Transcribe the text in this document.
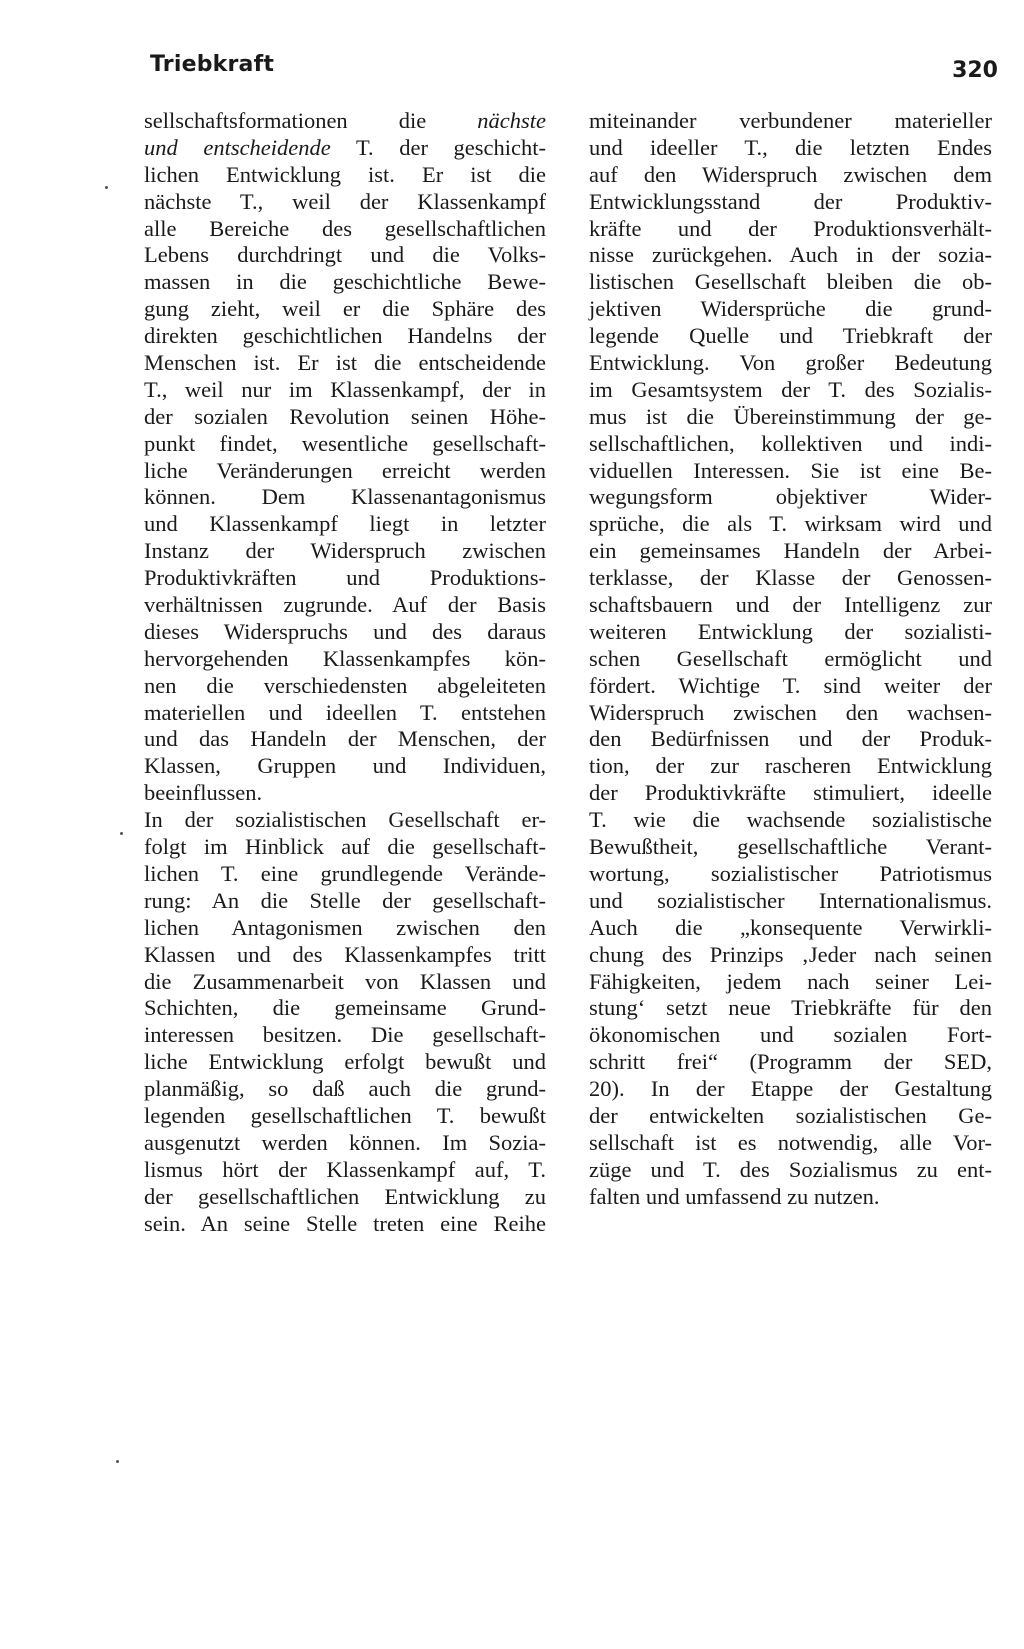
Triebkraft	320
sellschaftsformationen die nächste
und entscheidende T. der geschicht-
lichen Entwicklung ist. Er ist die
nächste T., weil der Klassenkampf
alle Bereiche des gesellschaftlichen
Lebens durchdringt und die Volks-
massen in die geschichtliche Bewe-
gung zieht, weil er die Sphäre des
direkten geschichtlichen Handelns der
Menschen ist. Er ist die entscheidende
T., weil nur im Klassenkampf, der in
der sozialen Revolution seinen Höhe-
punkt findet, wesentliche gesellschaft-
liche Veränderungen erreicht werden
können. Dem Klassenantagonismus
und Klassenkampf liegt in letzter
Instanz der Widerspruch zwischen
Produktivkräften und Produktions-
verhältnissen zugrunde. Auf der Basis
dieses Widerspruchs und des daraus
hervorgehenden Klassenkampfes kön-
nen die verschiedensten abgeleiteten
materiellen und ideellen T. entstehen
und das Handeln der Menschen, der
Klassen, Gruppen und Individuen,
beeinflussen.
In der sozialistischen Gesellschaft er-
folgt im Hinblick auf die gesellschaft-
lichen T. eine grundlegende Verände-
rung: An die Stelle der gesellschaft-
lichen Antagonismen zwischen den
Klassen und des Klassenkampfes tritt
die Zusammenarbeit von Klassen und
Schichten, die gemeinsame Grund-
interessen besitzen. Die gesellschaft-
liche Entwicklung erfolgt bewußt und
planmäßig, so daß auch die grund-
legenden gesellschaftlichen T. bewußt
ausgenutzt werden können. Im Sozia-
lismus hört der Klassenkampf auf, T.
der gesellschaftlichen Entwicklung zu
sein. An seine Stelle treten eine Reihe
miteinander verbundener materieller
und ideeller T., die letzten Endes
auf den Widerspruch zwischen dem
Entwicklungsstand der Produktiv-
kräfte und der Produktionsverhält-
nisse zurückgehen. Auch in der sozia-
listischen Gesellschaft bleiben die ob-
jektiven Widersprüche die grund-
legende Quelle und Triebkraft der
Entwicklung. Von großer Bedeutung
im Gesamtsystem der T. des Sozialis-
mus ist die Übereinstimmung der ge-
sellschaftlichen, kollektiven und indi-
viduellen Interessen. Sie ist eine Be-
wegungsform objektiver Wider-
sprüche, die als T. wirksam wird und
ein gemeinsames Handeln der Arbei-
terklasse, der Klasse der Genossen-
schaftsbauern und der Intelligenz zur
weiteren Entwicklung der sozialisti-
schen Gesellschaft ermöglicht und
fördert. Wichtige T. sind weiter der
Widerspruch zwischen den wachsen-
den Bedürfnissen und der Produk-
tion, der zur rascheren Entwicklung
der Produktivkräfte stimuliert, ideelle
T. wie die wachsende sozialistische
Bewußtheit, gesellschaftliche Verant-
wortung, sozialistischer Patriotismus
und sozialistischer Internationalismus.
Auch die „konsequente Verwirkli-
chung des Prinzips ‚Jeder nach seinen
Fähigkeiten, jedem nach seiner Lei-
stung‘ setzt neue Triebkräfte für den
ökonomischen und sozialen Fort-
schritt frei“ (Programm der SED,
20). In der Etappe der Gestaltung
der entwickelten sozialistischen Ge-
sellschaft ist es notwendig, alle Vor-
züge und T. des Sozialismus zu ent-
falten und umfassend zu nutzen.
